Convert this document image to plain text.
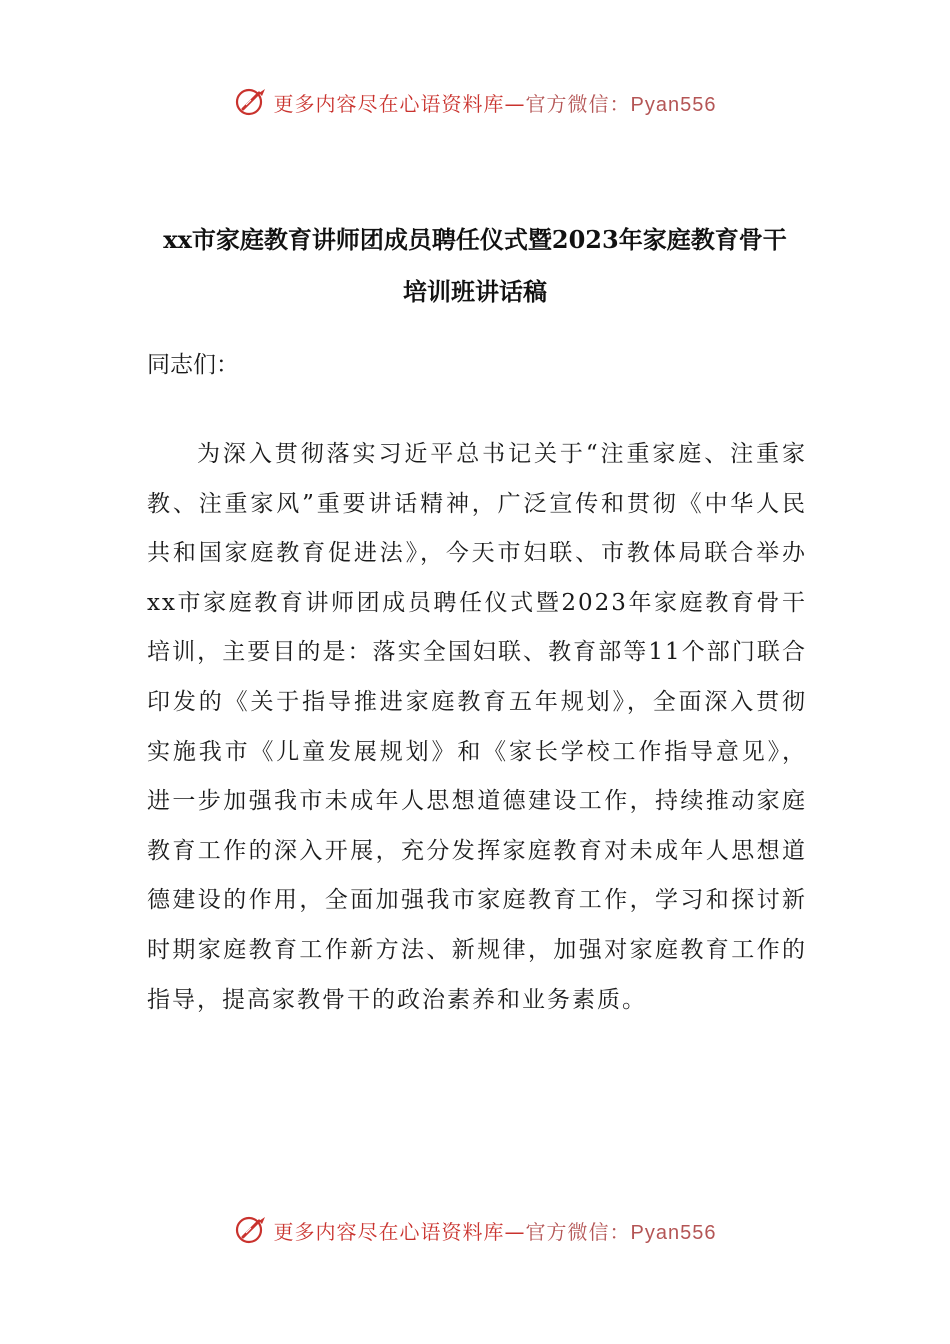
更多内容尽在心语资料库—官方微信：Pyan556
xx市家庭教育讲师团成员聘任仪式暨2023年家庭教育骨干
培训班讲话稿

同志们：

为深入贯彻落实习近平总书记关于“注重家庭、注重家教、注重家风”重要讲话精神，广泛宣传和贯彻《中华人民共和国家庭教育促进法》，今天市妇联、市教体局联合举办xx市家庭教育讲师团成员聘任仪式暨2023年家庭教育骨干培训，主要目的是：落实全国妇联、教育部等11个部门联合印发的《关于指导推进家庭教育五年规划》，全面深入贯彻实施我市《儿童发展规划》和《家长学校工作指导意见》，进一步加强我市未成年人思想道德建设工作，持续推动家庭教育工作的深入开展，充分发挥家庭教育对未成年人思想道德建设的作用，全面加强我市家庭教育工作，学习和探讨新时期家庭教育工作新方法、新规律，加强对家庭教育工作的指导，提高家教骨干的政治素养和业务素质。

更多内容尽在心语资料库—官方微信：Pyan556
